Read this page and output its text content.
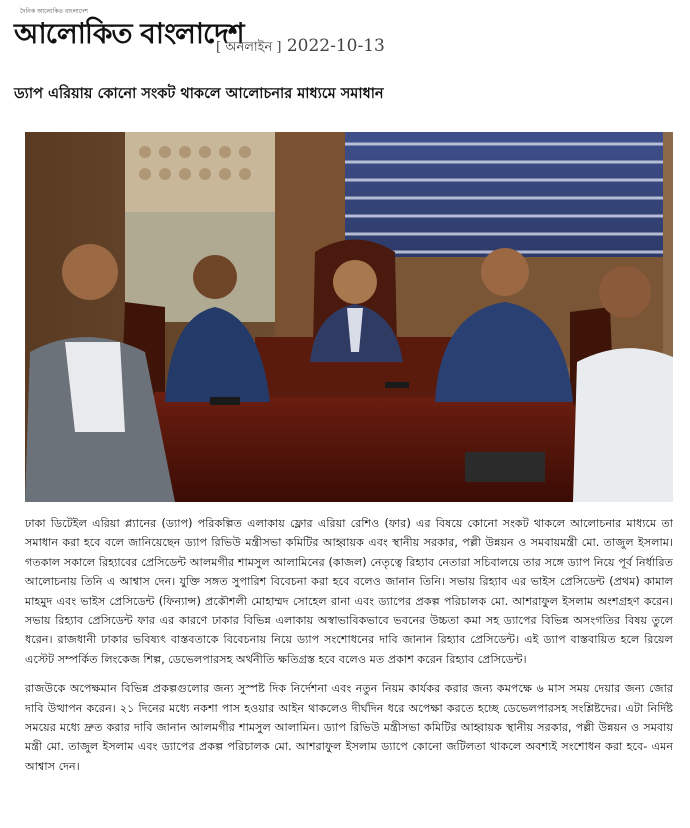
দৈনিক আলোকিত বাংলাদেশ
আলোকিত বাংলাদেশ
[ অনলাইন ] 2022-10-13
ড্যাপ এরিয়ায় কোনো সংকট থাকলে আলোচনার মাধ্যমে সমাধান

ঢাকা ডিটেইল এরিয়া প্ল্যানের (ড্যাপ) পরিকল্পিত এলাকায় ফ্লোর এরিয়া রেশিও (ফার) এর বিষয়ে কোনো সংকট থাকলে আলোচনার মাধ্যমে তা সমাধান করা হবে বলে জানিয়েছেন ড্যাপ রিভিউ মন্ত্রীসভা কমিটির আহ্বায়ক এবং স্থানীয় সরকার, পল্লী উন্নয়ন ও সমবায়মন্ত্রী মো. তাজুল ইসলাম। গতকাল সকালে রিহ্যাবের প্রেসিডেন্ট আলমগীর শামসুল আলামিনের (কাজল) নেতৃত্বে রিহ্যাব নেতারা সচিবালয়ে তার সঙ্গে ড্যাপ নিয়ে পূর্ব নির্ধারিত আলোচনায় তিনি এ আশ্বাস দেন। যুক্তি সঙ্গত সুপারিশ বিবেচনা করা হবে বলেও জানান তিনি। সভায় রিহ্যাব এর ভাইস প্রেসিডেন্ট (প্রথম) কামাল মাহমুদ এবং ভাইস প্রেসিডেন্ট (ফিন্যান্স) প্রকৌশলী মোহাম্মদ সোহেল রানা এবং ড্যাপের প্রকল্প পরিচালক মো. আশরাফুল ইসলাম অংশগ্রহণ করেন। সভায় রিহ্যাব প্রেসিডেন্ট ফার এর কারণে ঢাকার বিভিন্ন এলাকায় অস্বাভাবিকভাবে ভবনের উচ্চতা কমা সহ ড্যাপের বিভিন্ন অসংগতির বিষয় তুলে ধরেন। রাজধানী ঢাকার ভবিষ্যৎ বাস্তবতাকে বিবেচনায় নিয়ে ড্যাপ সংশোধনের দাবি জানান রিহ্যাব প্রেসিডেন্ট। এই ড্যাপ বাস্তবায়িত হলে রিয়েল এস্টেট সম্পর্কিত লিংকেজ শিল্প, ডেভেলপারসহ অর্থনীতি ক্ষতিগ্রস্ত হবে বলেও মত প্রকাশ করেন রিহ্যাব প্রেসিডেন্ট।

রাজউকে অপেক্ষমান বিভিন্ন প্রকল্পগুলোর জন্য সুস্পষ্ট দিক নির্দেশনা এবং নতুন নিয়ম কার্যকর করার জন্য কমপক্ষে ৬ মাস সময় দেয়ার জন্য জোর দাবি উত্থাপন করেন। ২১ দিনের মধ্যে নকশা পাস হওয়ার আইন থাকলেও দীর্ঘদিন ধরে অপেক্ষা করতে হচ্ছে ডেভেলপারসহ সংশ্লিষ্টদের। এটা নির্দিষ্ট সময়ের মধ্যে দ্রুত করার দাবি জানান আলমগীর শামসুল আলামিন। ড্যাপ রিভিউ মন্ত্রীসভা কমিটির আহ্বায়ক স্থানীয় সরকার, পল্লী উন্নয়ন ও সমবায় মন্ত্রী মো. তাজুল ইসলাম এবং ড্যাপের প্রকল্প পরিচালক মো. আশরাফুল ইসলাম ড্যাপে কোনো জটিলতা থাকলে অবশ্যই সংশোধন করা হবে- এমন আশ্বাস দেন।
